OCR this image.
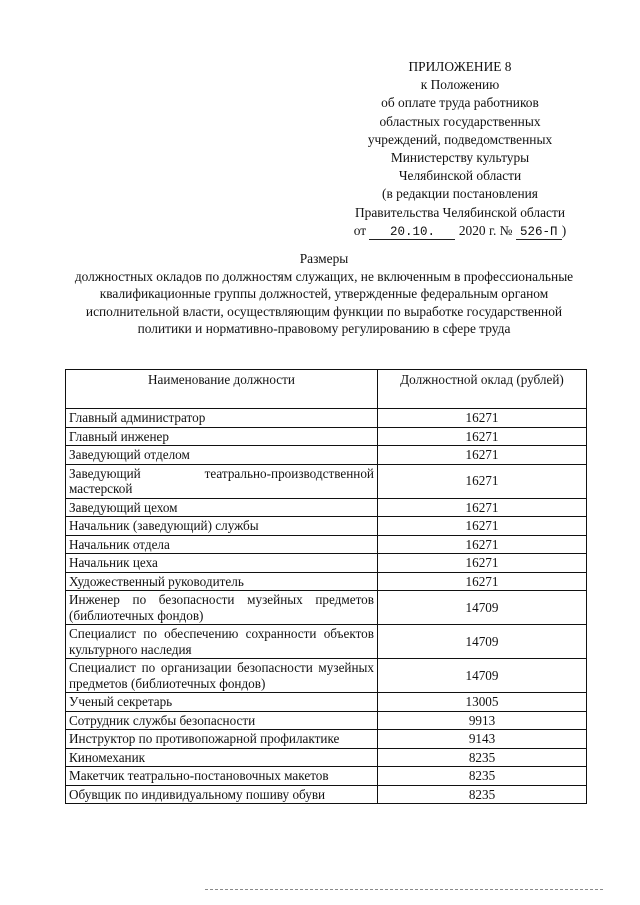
ПРИЛОЖЕНИЕ 8
к Положению
об оплате труда работников
областных государственных
учреждений, подведомственных
Министерству культуры
Челябинской области
(в редакции постановления
Правительства Челябинской области
от 20.10. 2020 г. № 526-П )
Размеры
должностных окладов по должностям служащих, не включенным в профессиональные квалификационные группы должностей, утвержденные федеральным органом исполнительной власти, осуществляющим функции по выработке государственной политики и нормативно-правовому регулированию в сфере труда
Наименование должности	Должностной оклад (рублей)
Главный администратор	16271
Главный инженер	16271
Заведующий отделом	16271
Заведующий театрально-производственной мастерской	16271
Заведующий цехом	16271
Начальник (заведующий) службы	16271
Начальник отдела	16271
Начальник цеха	16271
Художественный руководитель	16271
Инженер по безопасности музейных предметов (библиотечных фондов)	14709
Специалист по обеспечению сохранности объектов культурного наследия	14709
Специалист по организации безопасности музейных предметов (библиотечных фондов)	14709
Ученый секретарь	13005
Сотрудник службы безопасности	9913
Инструктор по противопожарной профилактике	9143
Киномеханик	8235
Макетчик театрально-постановочных макетов	8235
Обувщик по индивидуальному пошиву обуви	8235
